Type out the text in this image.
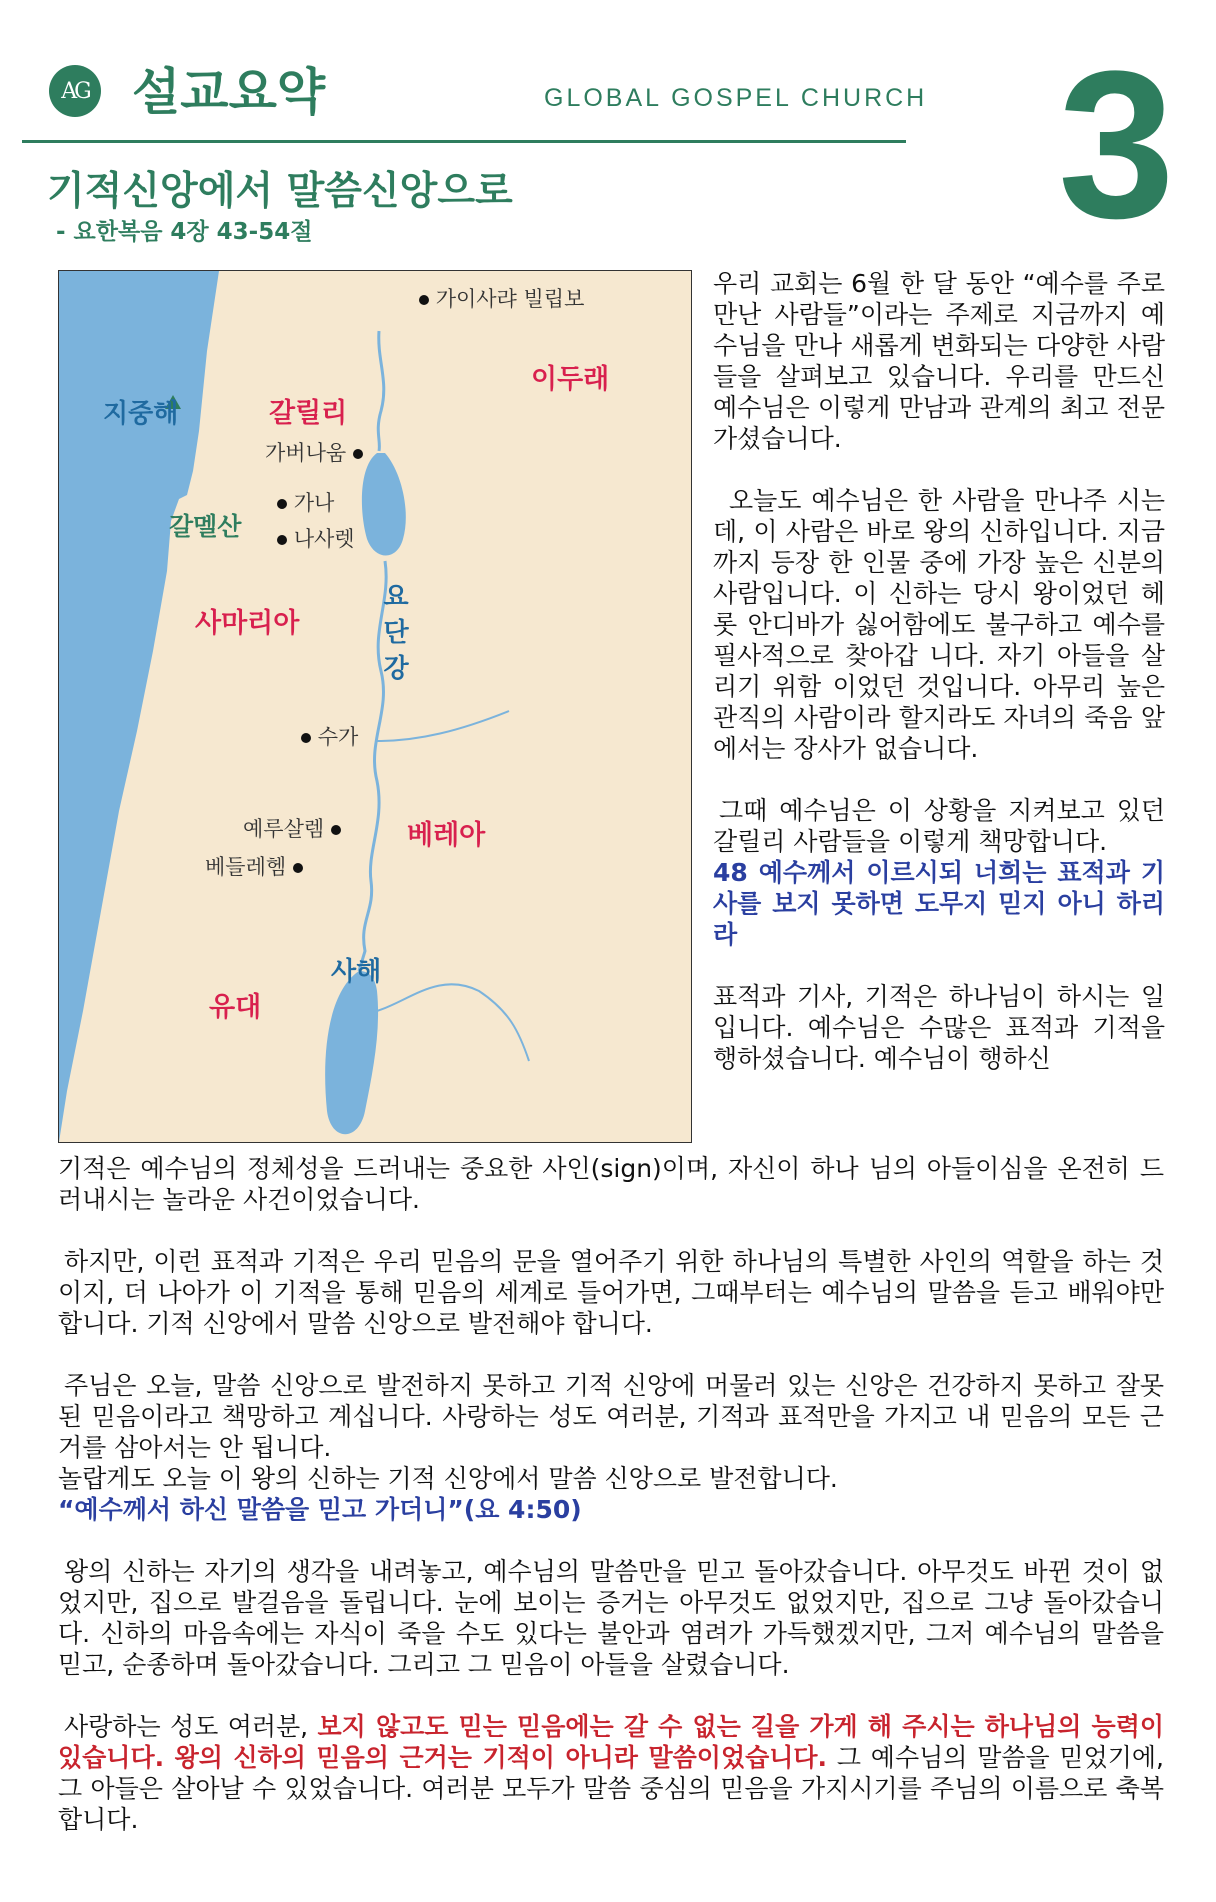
AG 설교요약	GLOBAL GOSPEL CHURCH 3
기적신앙에서 말씀신앙으로
- 요한복음 4장 43-54절
가이사랴 빌립보
이두래
지중해	갈릴리
가버나움
가나
갈멜산	나사렛
요
단
강
사마리아
수가
예루살렘	베레아
베들레헴
사해
유대

우리 교회는 6월 한 달 동안 “예수를 주로 만난 사람들”이라는 주제로 지금까지 예수님을 만나 새롭게 변화되는 다양한 사람들을 살펴보고 있습니다. 우리를 만드신 예수님은 이렇게 만남과 관계의 최고 전문가셨습니다.

오늘도 예수님은 한 사람을 만나주 시는데, 이 사람은 바로 왕의 신하입니다. 지금까지 등장 한 인물 중에 가장 높은 신분의 사람입니다. 이 신하는 당시 왕이었던 헤롯 안디바가 싫어함에도 불구하고 예수를 필사적으로 찾아갑 니다. 자기 아들을 살리기 위함 이었던 것입니다. 아무리 높은 관직의 사람이라 할지라도 자녀의 죽음 앞에서는 장사가 없습니다.

그때 예수님은 이 상황을 지켜보고 있던 갈릴리 사람들을 이렇게 책망합니다.
48 예수께서 이르시되 너희는 표적과 기사를 보지 못하면 도무지 믿지 아니 하리라

표적과 기사, 기적은 하나님이 하시는 일입니다. 예수님은 수많은 표적과 기적을 행하셨습니다. 예수님이 행하신

기적은 예수님의 정체성을 드러내는 중요한 사인(sign)이며, 자신이 하나 님의 아들이심을 온전히 드러내시는 놀라운 사건이었습니다.

하지만, 이런 표적과 기적은 우리 믿음의 문을 열어주기 위한 하나님의 특별한 사인의 역할을 하는 것이지, 더 나아가 이 기적을 통해 믿음의 세계로 들어가면, 그때부터는 예수님의 말씀을 듣고 배워야만 합니다. 기적 신앙에서 말씀 신앙으로 발전해야 합니다.

주님은 오늘, 말씀 신앙으로 발전하지 못하고 기적 신앙에 머물러 있는 신앙은 건강하지 못하고 잘못된 믿음이라고 책망하고 계십니다. 사랑하는 성도 여러분, 기적과 표적만을 가지고 내 믿음의 모든 근거를 삼아서는 안 됩니다.

놀랍게도 오늘 이 왕의 신하는 기적 신앙에서 말씀 신앙으로 발전합니다.
“예수께서 하신 말씀을 믿고 가더니”(요 4:50)

왕의 신하는 자기의 생각을 내려놓고, 예수님의 말씀만을 믿고 돌아갔습니다. 아무것도 바뀐 것이 없었지만, 집으로 발걸음을 돌립니다. 눈에 보이는 증거는 아무것도 없었지만, 집으로 그냥 돌아갔습니다. 신하의 마음속에는 자식이 죽을 수도 있다는 불안과 염려가 가득했겠지만, 그저 예수님의 말씀을 믿고, 순종하며 돌아갔습니다. 그리고 그 믿음이 아들을 살렸습니다.

사랑하는 성도 여러분, 보지 않고도 믿는 믿음에는 갈 수 없는 길을 가게 해 주시는 하나님의 능력이 있습니다. 왕의 신하의 믿음의 근거는 기적이 아니라 말씀이었습니다. 그 예수님의 말씀을 믿었기에, 그 아들은 살아날 수 있었습니다. 여러분 모두가 말씀 중심의 믿음을 가지시기를 주님의 이름으로 축복합니다.
